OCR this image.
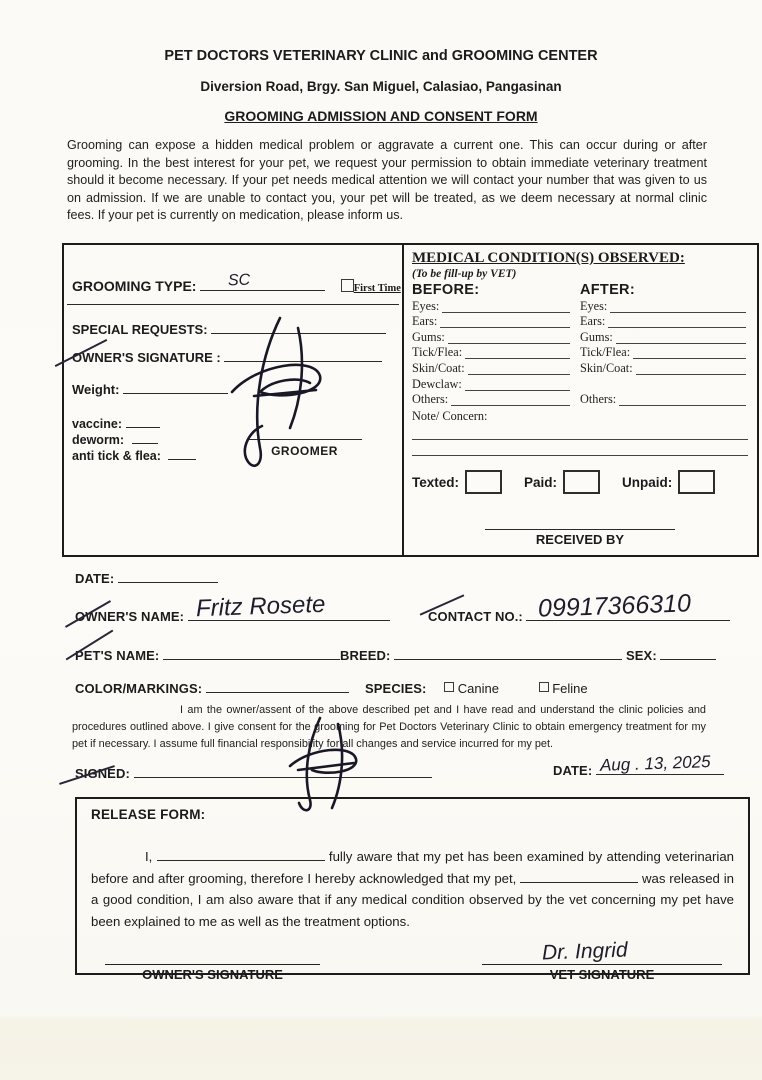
PET DOCTORS VETERINARY CLINIC and GROOMING CENTER
Diversion Road, Brgy. San Miguel, Calasiao, Pangasinan
GROOMING ADMISSION AND CONSENT FORM
Grooming can expose a hidden medical problem or aggravate a current one. This can occur during or after grooming. In the best interest for your pet, we request your permission to obtain immediate veterinary treatment should it become necessary. If your pet needs medical attention we will contact your number that was given to us on admission. If we are unable to contact you, your pet will be treated, as we deem necessary at normal clinic fees. If your pet is currently on medication, please inform us.
GROOMING TYPE: SC	First Time
SPECIAL REQUESTS:
OWNER'S SIGNATURE :
Weight:
vaccine:
deworm:
anti tick & flea:	GROOMER
MEDICAL CONDITION(S) OBSERVED:
(To be fill-up by VET)
BEFORE:	AFTER:
Eyes:	Eyes:
Ears:	Ears:
Gums:	Gums:
Tick/Flea:	Tick/Flea:
Skin/Coat:	Skin/Coat:
Dewclaw:
Others:	Others:
Note/ Concern:
Texted:	Paid:	Unpaid:
RECEIVED BY
DATE:
OWNER'S NAME: Fritz Rosete	CONTACT NO.: 09917366310
PET'S NAME:	BREED:	SEX:
COLOR/MARKINGS:	SPECIES: Canine	Feline
I am the owner/assent of the above described pet and I have read and understand the clinic policies and procedures outlined above. I give consent for the grooming for Pet Doctors Veterinary Clinic to obtain emergency treatment for my pet if necessary. I assume full financial responsibility for all changes and service incurred for my pet.
SIGNED:	DATE: Aug . 13, 2025
RELEASE FORM:
I,	fully aware that my pet has been examined by attending veterinarian before and after grooming, therefore I hereby acknowledged that my pet,	was released in a good condition, I am also aware that if any medical condition observed by the vet concerning my pet have been explained to me as well as the treatment options.
OWNER'S SIGNATURE
Dr. Ingrid
VET SIGNATURE
